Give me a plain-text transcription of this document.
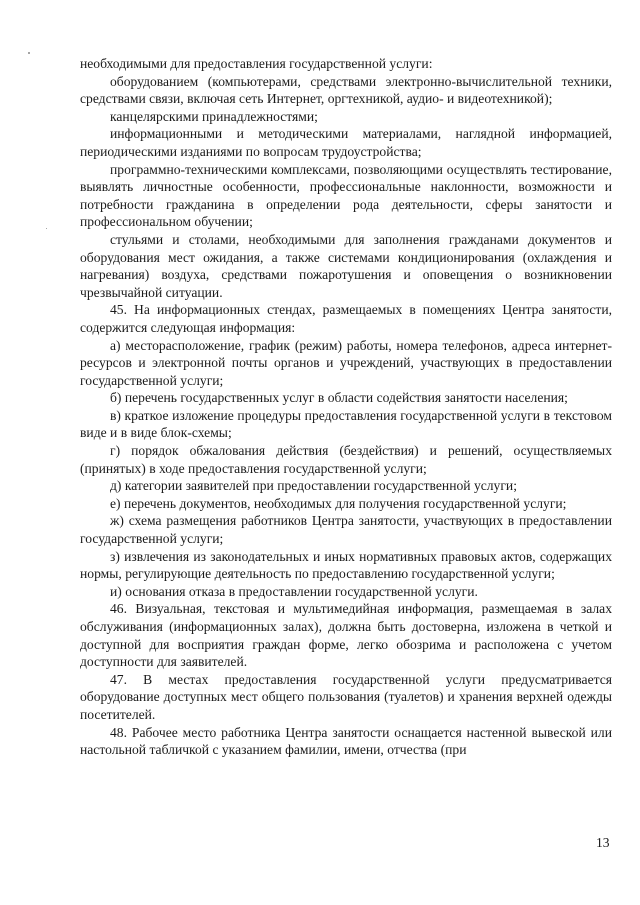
необходимыми для предоставления государственной услуги:

оборудованием (компьютерами, средствами электронно-вычислительной техники, средствами связи, включая сеть Интернет, оргтехникой, аудио- и видеотехникой);

канцелярскими принадлежностями;

информационными и методическими материалами, наглядной информацией, периодическими изданиями по вопросам трудоустройства;

программно-техническими комплексами, позволяющими осуществлять тестирование, выявлять личностные особенности, профессиональные наклонности, возможности и потребности гражданина в определении рода деятельности, сферы занятости и профессиональном обучении;

стульями и столами, необходимыми для заполнения гражданами документов и оборудования мест ожидания, а также системами кондиционирования (охлаждения и нагревания) воздуха, средствами пожаротушения и оповещения о возникновении чрезвычайной ситуации.

45. На информационных стендах, размещаемых в помещениях Центра занятости, содержится следующая информация:

а) месторасположение, график (режим) работы, номера телефонов, адреса интернет-ресурсов и электронной почты органов и учреждений, участвующих в предоставлении государственной услуги;

б) перечень государственных услуг в области содействия занятости населения;

в) краткое изложение процедуры предоставления государственной услуги в текстовом виде и в виде блок-схемы;

г) порядок обжалования действия (бездействия) и решений, осуществляемых (принятых) в ходе предоставления государственной услуги;

д) категории заявителей при предоставлении государственной услуги;

е) перечень документов, необходимых для получения государственной услуги;

ж) схема размещения работников Центра занятости, участвующих в предоставлении государственной услуги;

з) извлечения из законодательных и иных нормативных правовых актов, содержащих нормы, регулирующие деятельность по предоставлению государственной услуги;

и) основания отказа в предоставлении государственной услуги.

46. Визуальная, текстовая и мультимедийная информация, размещаемая в залах обслуживания (информационных залах), должна быть достоверна, изложена в четкой и доступной для восприятия граждан форме, легко обозрима и расположена с учетом доступности для заявителей.

47. В местах предоставления государственной услуги предусматривается оборудование доступных мест общего пользования (туалетов) и хранения верхней одежды посетителей.

48. Рабочее место работника Центра занятости оснащается настенной вывеской или настольной табличкой с указанием фамилии, имени, отчества (при

13
